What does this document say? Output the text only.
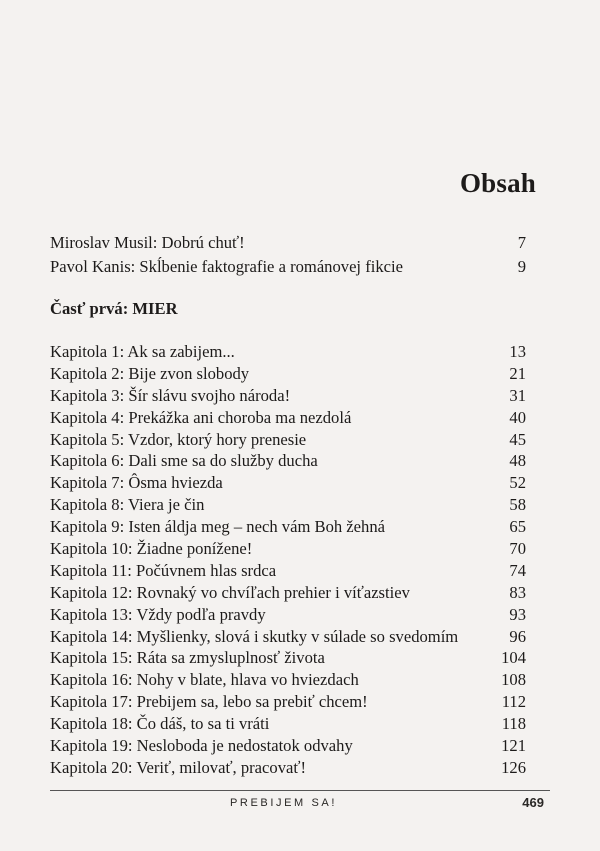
Obsah
Miroslav Musil: Dobrú chuť!	7
Pavol Kanis: Skĺbenie faktografie a románovej fikcie	9
Časť prvá: MIER
Kapitola 1: Ak sa zabijem...	13
Kapitola 2: Bije zvon slobody	21
Kapitola 3: Šír slávu svojho národa!	31
Kapitola 4: Prekážka ani choroba ma nezdolá	40
Kapitola 5: Vzdor, ktorý hory prenesie	45
Kapitola 6: Dali sme sa do služby ducha	48
Kapitola 7: Ôsma hviezda	52
Kapitola 8: Viera je čin	58
Kapitola 9: Isten áldja meg – nech vám Boh žehná	65
Kapitola 10: Žiadne ponížene!	70
Kapitola 11: Počúvnem hlas srdca	74
Kapitola 12: Rovnaký vo chvíľach prehier i víťazstiev	83
Kapitola 13: Vždy podľa pravdy	93
Kapitola 14: Myšlienky, slová i skutky v súlade so svedomím	96
Kapitola 15: Ráta sa zmysluplnosť života	104
Kapitola 16: Nohy v blate, hlava vo hviezdach	108
Kapitola 17: Prebijem sa, lebo sa prebiť chcem!	112
Kapitola 18: Čo dáš, to sa ti vráti	118
Kapitola 19: Nesloboda je nedostatok odvahy	121
Kapitola 20: Veriť, milovať, pracovať!	126
PREBIJEM SA!	469
